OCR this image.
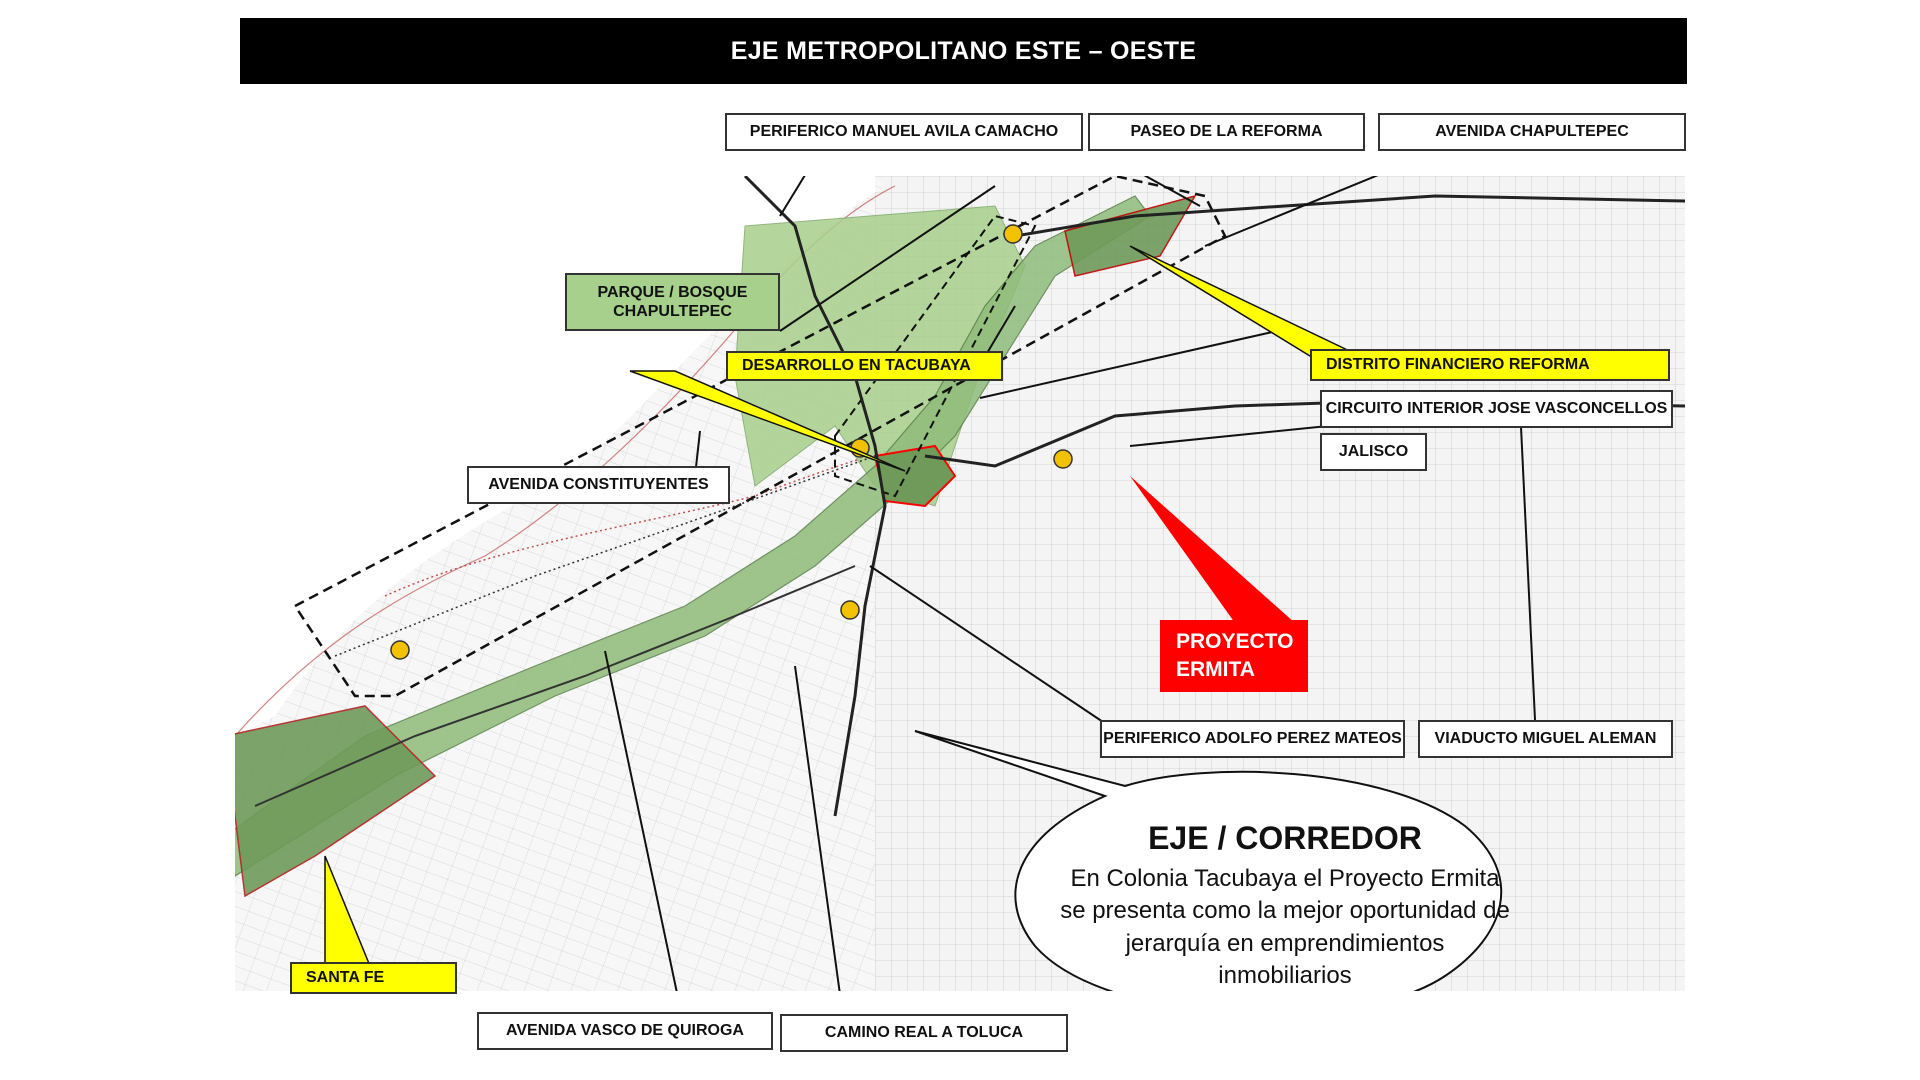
EJE METROPOLITANO ESTE – OESTE
PERIFERICO MANUEL AVILA CAMACHO	PASEO DE LA REFORMA	AVENIDA CHAPULTEPEC
PARQUE / BOSQUE CHAPULTEPEC
DESARROLLO EN TACUBAYA	DISTRITO FINANCIERO REFORMA
CIRCUITO INTERIOR JOSE VASCONCELLOS
JALISCO
AVENIDA CONSTITUYENTES
PROYECTO
ERMITA
PERIFERICO ADOLFO PEREZ MATEOS	VIADUCTO MIGUEL ALEMAN
SANTA FE
AVENIDA VASCO DE QUIROGA	CAMINO REAL A TOLUCA
EJE / CORREDOR
En Colonia Tacubaya el Proyecto Ermita se presenta como la mejor oportunidad de jerarquía en emprendimientos inmobiliarios
